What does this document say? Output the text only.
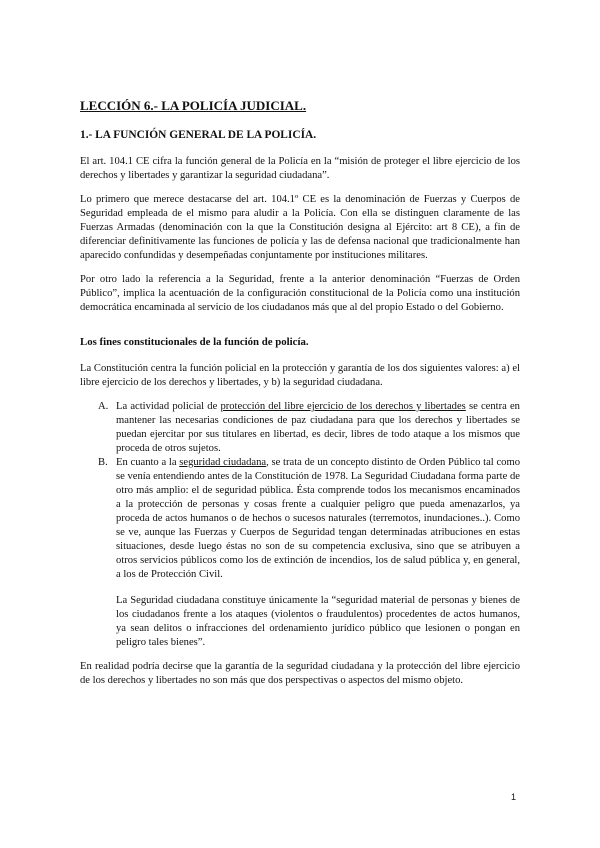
LECCIÓN 6.- LA POLICÍA JUDICIAL.
1.- LA FUNCIÓN GENERAL DE LA POLICÍA.

El art. 104.1 CE cifra la función general de la Policía en la “misión de proteger el libre ejercicio de los derechos y libertades y garantizar la seguridad ciudadana”.

Lo primero que merece destacarse del art. 104.1º CE es la denominación de Fuerzas y Cuerpos de Seguridad empleada de el mismo para aludir a la Policía. Con ella se distinguen claramente de las Fuerzas Armadas (denominación con la que la Constitución designa al Ejército: art 8 CE), a fin de diferenciar definitivamente las funciones de policía y las de defensa nacional que tradicionalmente han aparecido confundidas y desempeñadas conjuntamente por instituciones militares.

Por otro lado la referencia a la Seguridad, frente a la anterior denominación “Fuerzas de Orden Público”, implica la acentuación de la configuración constitucional de la Policía como una institución democrática encaminada al servicio de los ciudadanos más que al del propio Estado o del Gobierno.

Los fines constitucionales de la función de policía.

La Constitución centra la función policial en la protección y garantía de los dos siguientes valores: a) el libre ejercicio de los derechos y libertades, y b) la seguridad ciudadana.

A. La actividad policial de protección del libre ejercicio de los derechos y libertades se centra en mantener las necesarias condiciones de paz ciudadana para que los derechos y libertades se puedan ejercitar por sus titulares en libertad, es decir, libres de todo ataque a los mismos que proceda de otros sujetos.

B. En cuanto a la seguridad ciudadana, se trata de un concepto distinto de Orden Público tal como se venía entendiendo antes de la Constitución de 1978. La Seguridad Ciudadana forma parte de otro más amplio: el de seguridad pública. Ésta comprende todos los mecanismos encaminados a la protección de personas y cosas frente a cualquier peligro que pueda amenazarlos, ya proceda de actos humanos o de hechos o sucesos naturales (terremotos, inundaciones..). Como se ve, aunque las Fuerzas y Cuerpos de Seguridad tengan determinadas atribuciones en estas situaciones, desde luego éstas no son de su competencia exclusiva, sino que se atribuyen a otros servicios públicos como los de extinción de incendios, los de salud pública y, en general, a los de Protección Civil.

La Seguridad ciudadana constituye únicamente la “seguridad material de personas y bienes de los ciudadanos frente a los ataques (violentos o fraudulentos) procedentes de actos humanos, ya sean delitos o infracciones del ordenamiento jurídico público que lesionen o pongan en peligro tales bienes”.

En realidad podría decirse que la garantía de la seguridad ciudadana y la protección del libre ejercicio de los derechos y libertades no son más que dos perspectivas o aspectos del mismo objeto.

1
